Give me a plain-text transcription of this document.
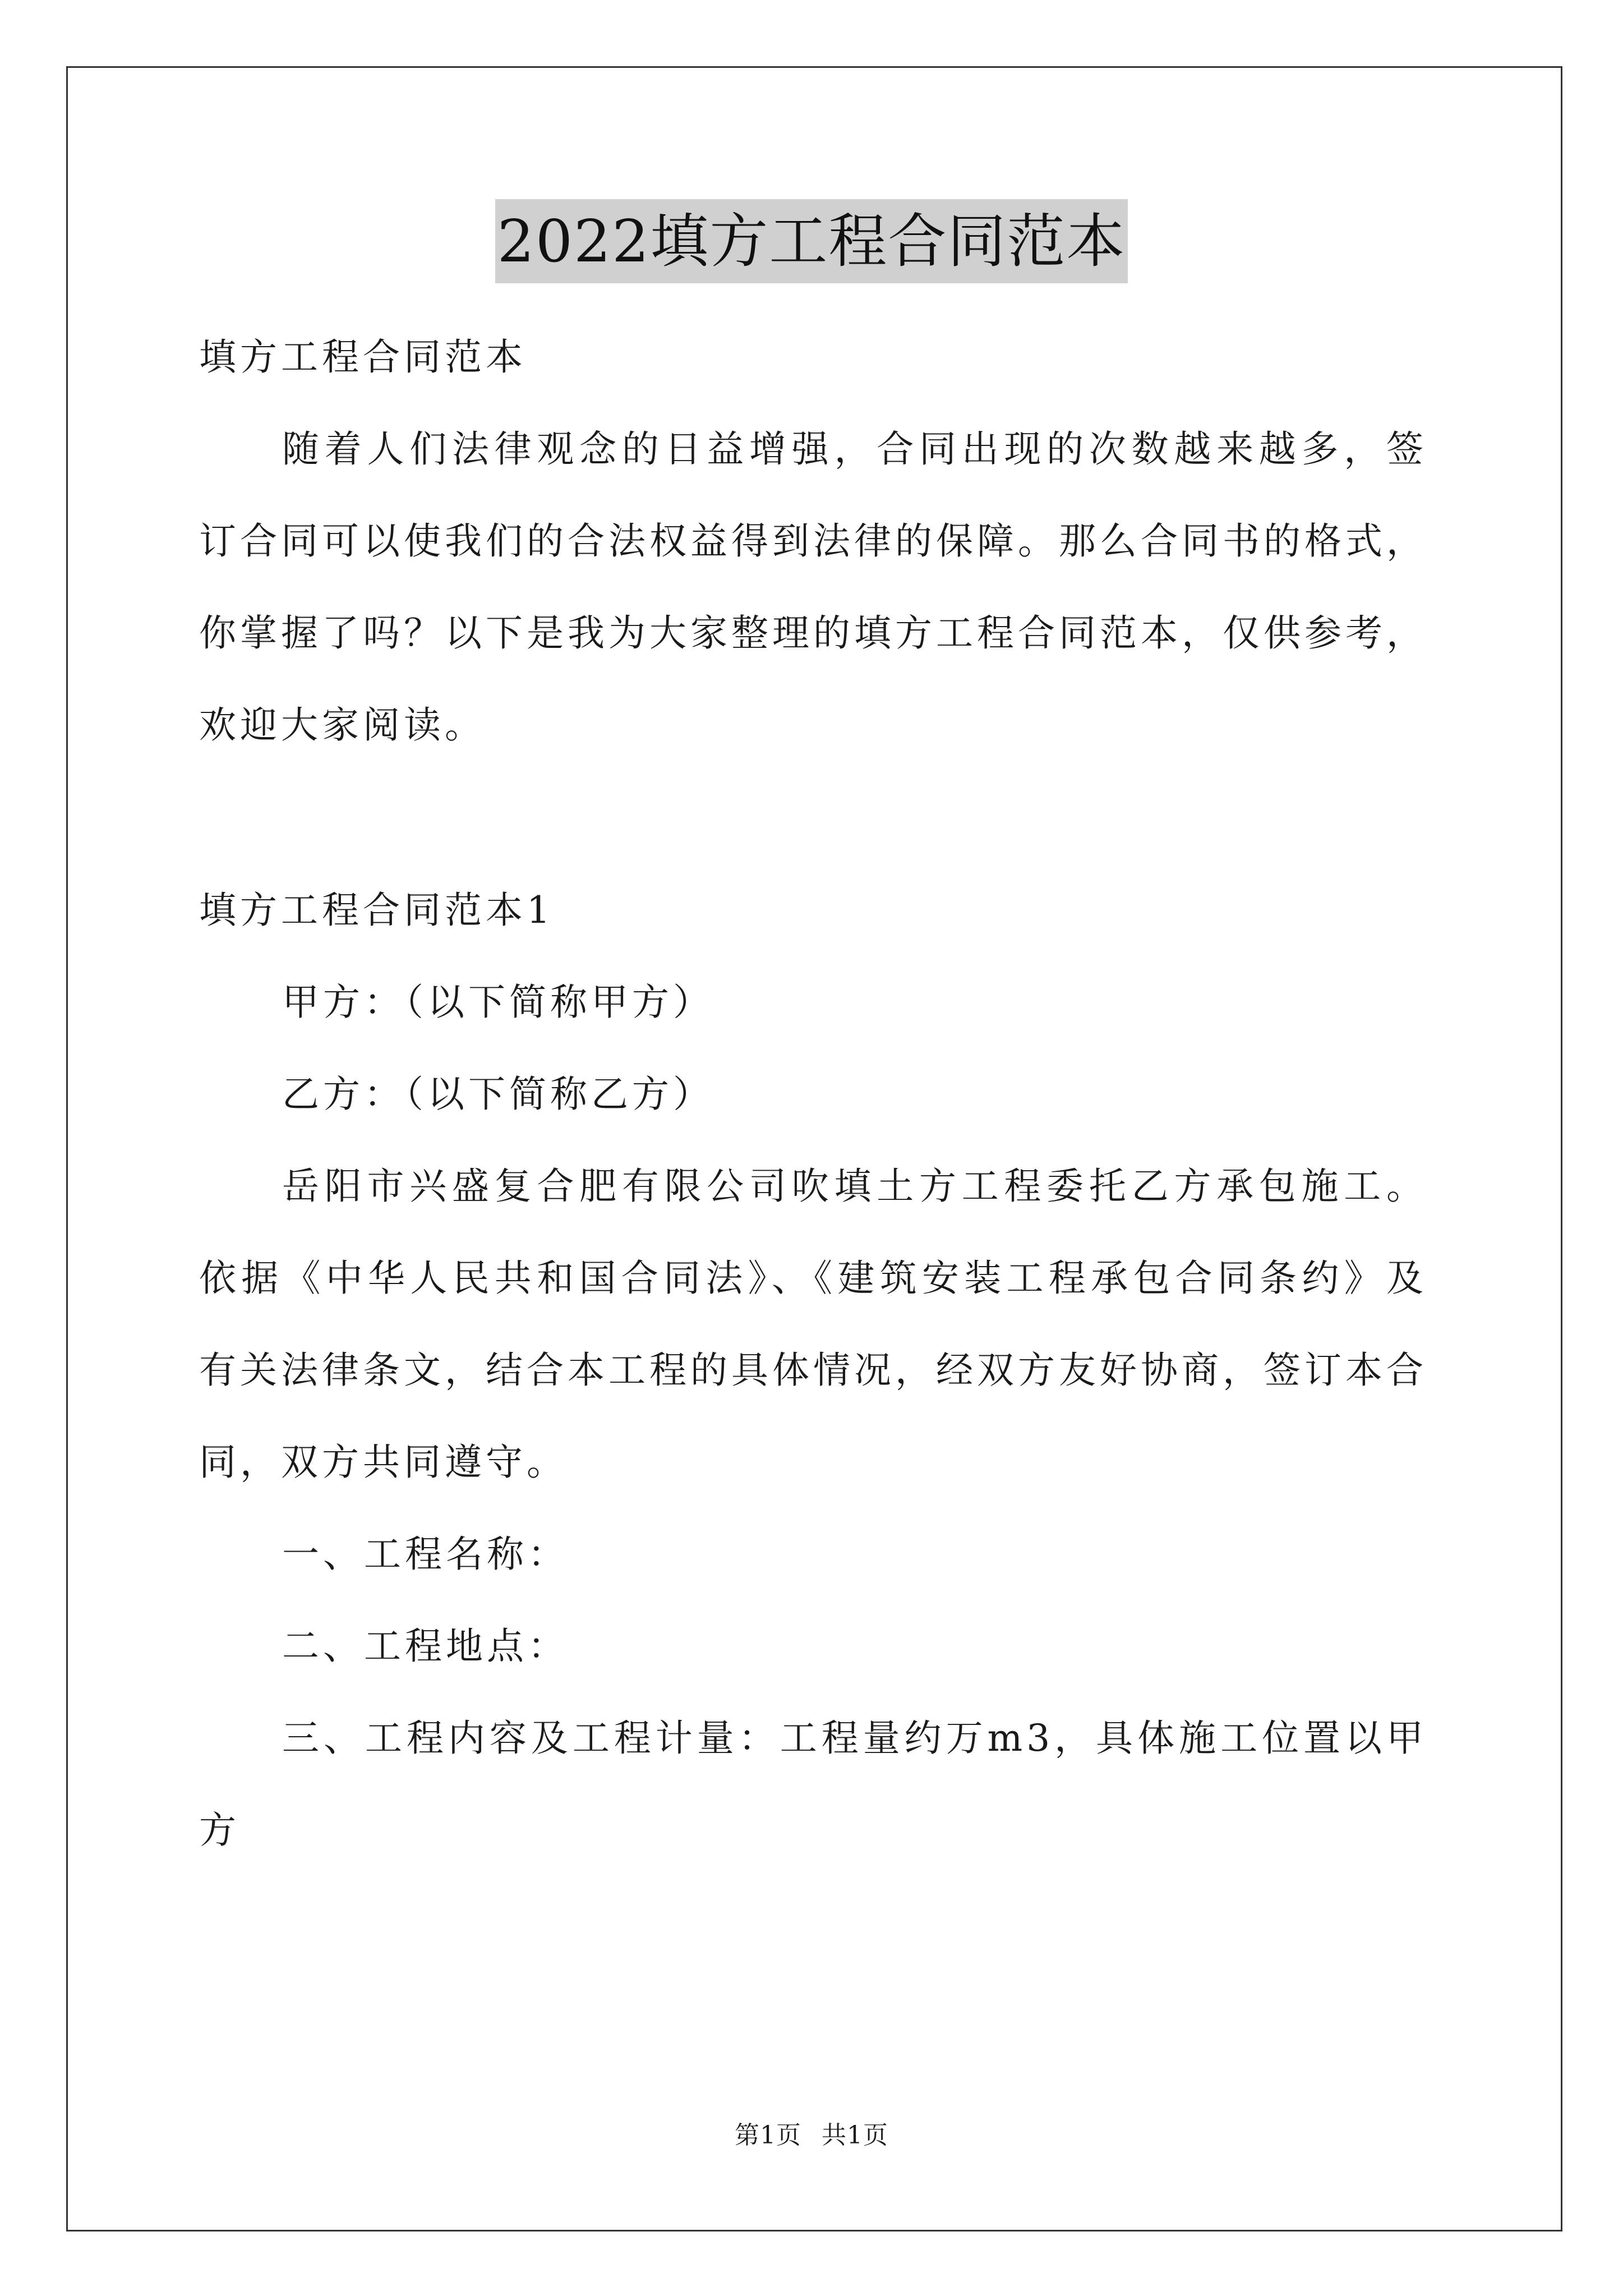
2022填方工程合同范本

填方工程合同范本

随着人们法律观念的日益增强，合同出现的次数越来越多，签订合同可以使我们的合法权益得到法律的保障。那么合同书的格式，你掌握了吗？以下是我为大家整理的填方工程合同范本，仅供参考，欢迎大家阅读。

填方工程合同范本1

甲方：（以下简称甲方）

乙方：（以下简称乙方）

岳阳市兴盛复合肥有限公司吹填土方工程委托乙方承包施工。依据《中华人民共和国合同法》、《建筑安装工程承包合同条约》及有关法律条文，结合本工程的具体情况，经双方友好协商，签订本合同，双方共同遵守。

一、工程名称：

二、工程地点：

三、工程内容及工程计量：工程量约万m3，具体施工位置以甲方

第1页 共1页
